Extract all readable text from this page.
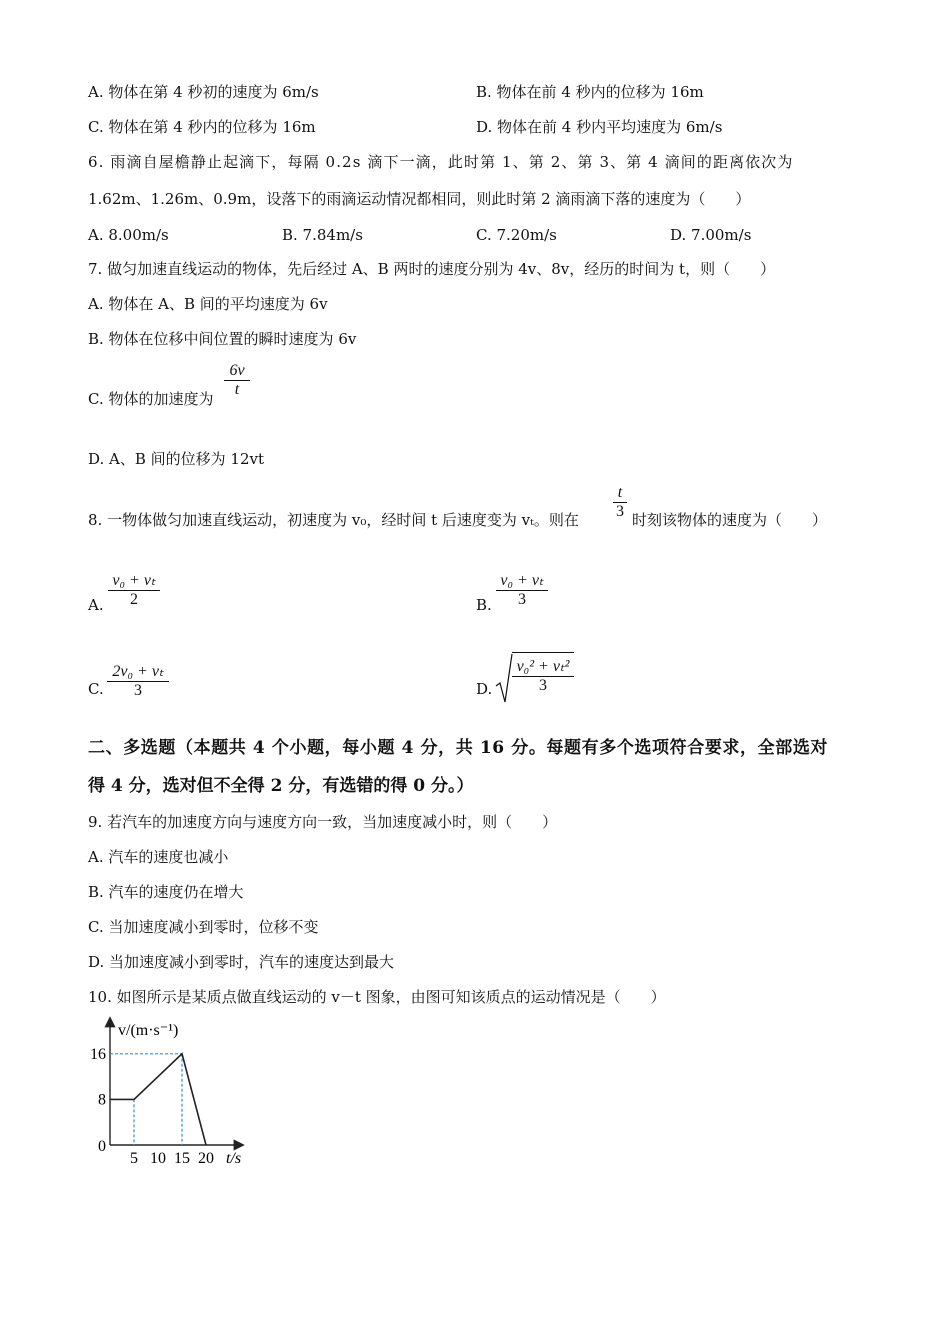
A. 物体在第 4 秒初的速度为 6m/s	B. 物体在前 4 秒内的位移为 16m
C. 物体在第 4 秒内的位移为 16m	D. 物体在前 4 秒内平均速度为 6m/s
6. 雨滴自屋檐静止起滴下，每隔 0.2s 滴下一滴，此时第 1、第 2、第 3、第 4 滴间的距离依次为
1.62m、1.26m、0.9m，设落下的雨滴运动情况都相同，则此时第 2 滴雨滴下落的速度为（　　）
A. 8.00m/s	B. 7.84m/s	C. 7.20m/s	D. 7.00m/s
7. 做匀加速直线运动的物体，先后经过 A、B 两时的速度分别为 4v、8v，经历的时间为 t，则（　　）
A. 物体在 A、B 间的平均速度为 6v
B. 物体在位移中间位置的瞬时速度为 6v
C. 物体的加速度为
6v
t
D. A、B 间的位移为 12vt
8. 一物体做匀加速直线运动，初速度为 v₀，经时间 t 后速度变为 vₜ。则在
t
3 时刻该物体的速度为（　　）
A.
v₀ + vₜ
2	B.
v₀ + vₜ
3
C.
2v₀ + vₜ
3	D.
v₀² + vₜ²
3
二、多选题（本题共 4 个小题，每小题 4 分，共 16 分。每题有多个选项符合要求，全部选对
得 4 分，选对但不全得 2 分，有选错的得 0 分。）
9. 若汽车的加速度方向与速度方向一致，当加速度减小时，则（　　）
A. 汽车的速度也减小
B. 汽车的速度仍在增大
C. 当加速度减小到零时，位移不变
D. 当加速度减小到零时，汽车的速度达到最大
10. 如图所示是某质点做直线运动的 v－t 图象，由图可知该质点的运动情况是（　　）
v/(m·s⁻¹)
t/s
0
5 10 15 20
8
16
